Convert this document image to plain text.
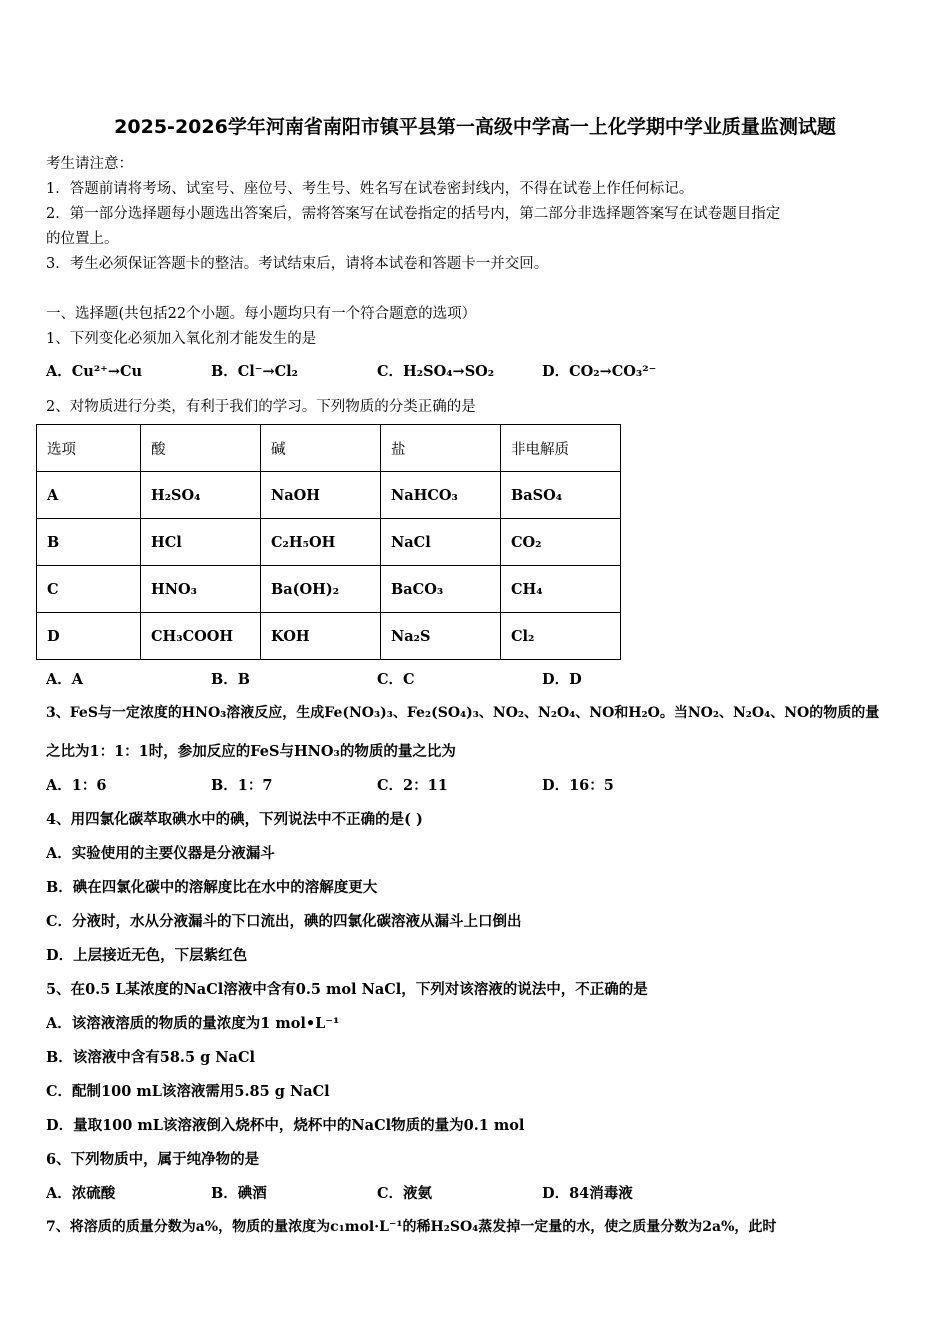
2025-2026学年河南省南阳市镇平县第一高级中学高一上化学期中学业质量监测试题
考生请注意：
1．答题前请将考场、试室号、座位号、考生号、姓名写在试卷密封线内，不得在试卷上作任何标记。
2．第一部分选择题每小题选出答案后，需将答案写在试卷指定的括号内，第二部分非选择题答案写在试卷题目指定
的位置上。
3．考生必须保证答题卡的整洁。考试结束后，请将本试卷和答题卡一并交回。
一、选择题(共包括22个小题。每小题均只有一个符合题意的选项）
1、下列变化必须加入氧化剂才能发生的是
A．Cu²⁺→Cu	B．Cl⁻→Cl₂	C．H₂SO₄→SO₂	D．CO₂→CO₃²⁻
2、对物质进行分类，有利于我们的学习。下列物质的分类正确的是
选项	酸	碱	盐	非电解质
A	H₂SO₄	NaOH	NaHCO₃	BaSO₄
B	HCl	C₂H₅OH	NaCl	CO₂
C	HNO₃	Ba(OH)₂	BaCO₃	CH₄
D	CH₃COOH	KOH	Na₂S	Cl₂
A．A	B．B	C．C	D．D
3、FeS与一定浓度的HNO₃溶液反应，生成Fe(NO₃)₃、Fe₂(SO₄)₃、NO₂、N₂O₄、NO和H₂O。当NO₂、N₂O₄、NO的物质的量
之比为1：1：1时，参加反应的FeS与HNO₃的物质的量之比为
A．1：6	B．1：7	C．2：11	D．16：5
4、用四氯化碳萃取碘水中的碘，下列说法中不正确的是( )
A．实验使用的主要仪器是分液漏斗
B．碘在四氯化碳中的溶解度比在水中的溶解度更大
C．分液时，水从分液漏斗的下口流出，碘的四氯化碳溶液从漏斗上口倒出
D．上层接近无色，下层紫红色
5、在0.5 L某浓度的NaCl溶液中含有0.5 mol NaCl，下列对该溶液的说法中，不正确的是
A．该溶液溶质的物质的量浓度为1 mol•L⁻¹
B．该溶液中含有58.5 g NaCl
C．配制100 mL该溶液需用5.85 g NaCl
D．量取100 mL该溶液倒入烧杯中，烧杯中的NaCl物质的量为0.1 mol
6、下列物质中，属于纯净物的是
A．浓硫酸	B．碘酒	C．液氨	D．84消毒液
7、将溶质的质量分数为a%，物质的量浓度为c₁mol·L⁻¹的稀H₂SO₄蒸发掉一定量的水，使之质量分数为2a%，此时
